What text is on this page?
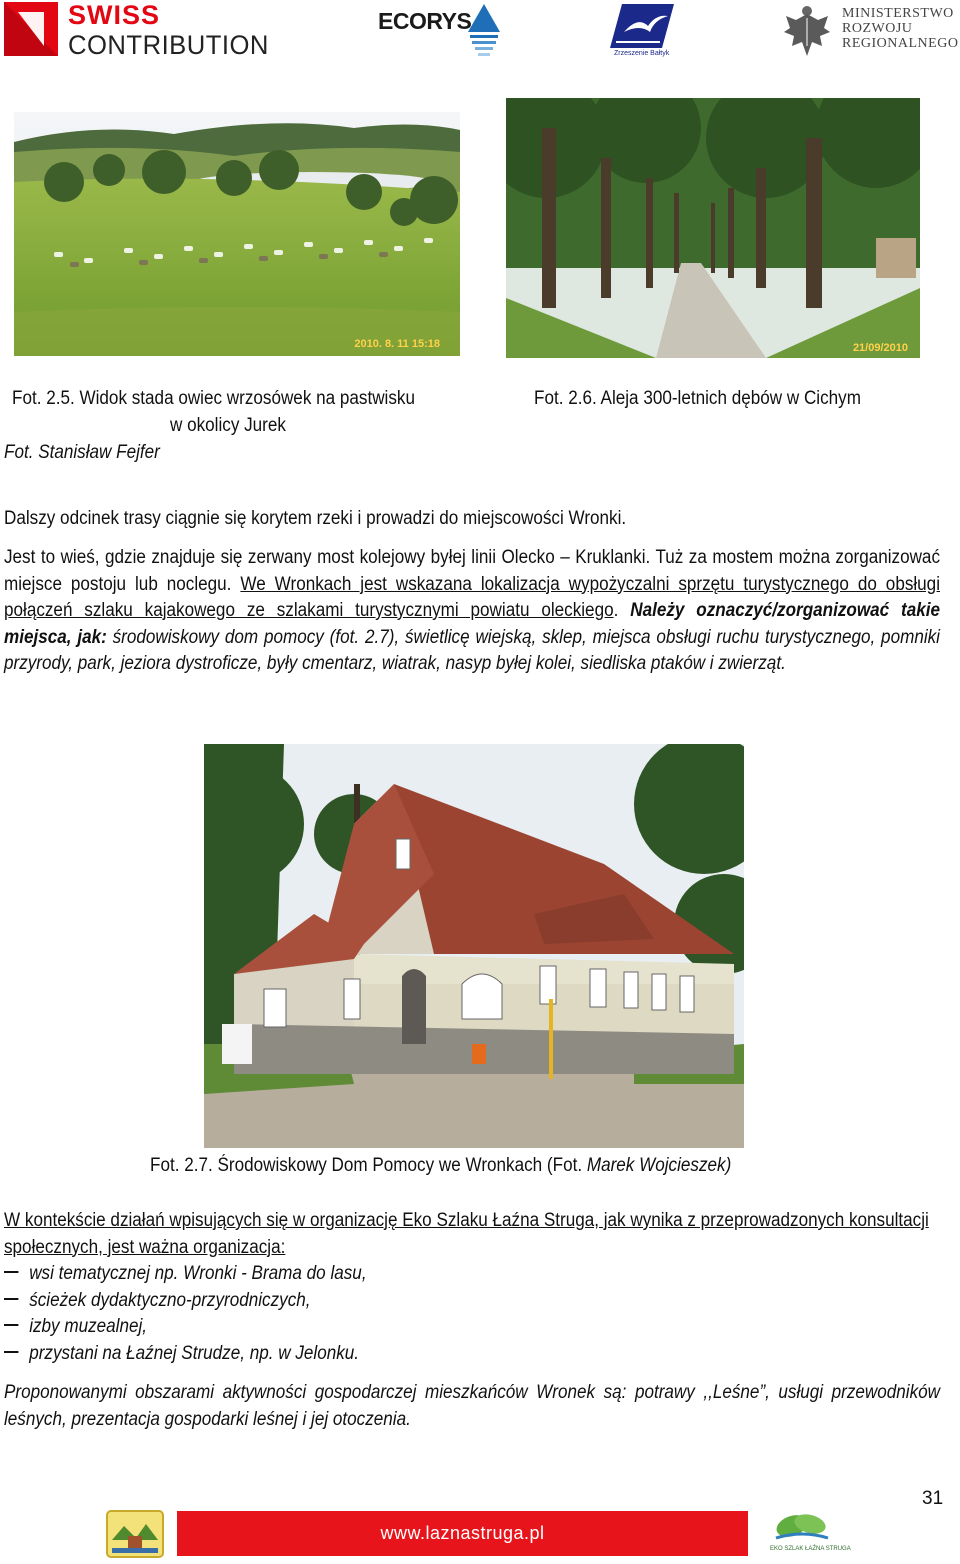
SWISS
CONTRIBUTION
ECORYS
Zrzeszenie Bałtyk
MINISTERSTWO
ROZWOJU
REGIONALNEGO
2010. 8. 11 15:18	21/09/2010
Fot. 2.5. Widok stada owiec wrzosówek na pastwisku
w okolicy Jurek
Fot. Stanisław Fejfer
Fot. 2.6. Aleja 300-letnich dębów w Cichym
Dalszy odcinek trasy ciągnie się korytem rzeki i prowadzi do miejscowości Wronki.
Jest to wieś, gdzie znajduje się zerwany most kolejowy byłej linii Olecko – Kruklanki. Tuż za mostem można zorganizować miejsce postoju lub noclegu. We Wronkach jest wskazana lokalizacja wypożyczalni sprzętu turystycznego do obsługi połączeń szlaku kajakowego ze szlakami turystycznymi powiatu oleckiego. Należy oznaczyć/zorganizować takie miejsca, jak: środowiskowy dom pomocy (fot. 2.7), świetlicę wiejską, sklep, miejsca obsługi ruchu turystycznego, pomniki przyrody, park, jeziora dystroficze, były cmentarz, wiatrak, nasyp byłej kolei, siedliska ptaków i zwierząt.
Fot. 2.7. Środowiskowy Dom Pomocy we Wronkach (Fot. Marek Wojcieszek)
W kontekście działań wpisujących się w organizację Eko Szlaku Łaźna Struga, jak wynika z przeprowadzonych konsultacji społecznych, jest ważna organizacja:
wsi tematycznej np. Wronki - Brama do lasu,
ścieżek dydaktyczno-przyrodniczych,
izby muzealnej,
przystani na Łaźnej Strudze, np. w Jelonku.
Proponowanymi obszarami aktywności gospodarczej mieszkańców Wronek są: potrawy ,,Leśne”, usługi przewodników leśnych, prezentacja gospodarki leśnej i jej otoczenia.
31
www.laznastruga.pl
EKO SZLAK ŁAŹNA STRUGA
